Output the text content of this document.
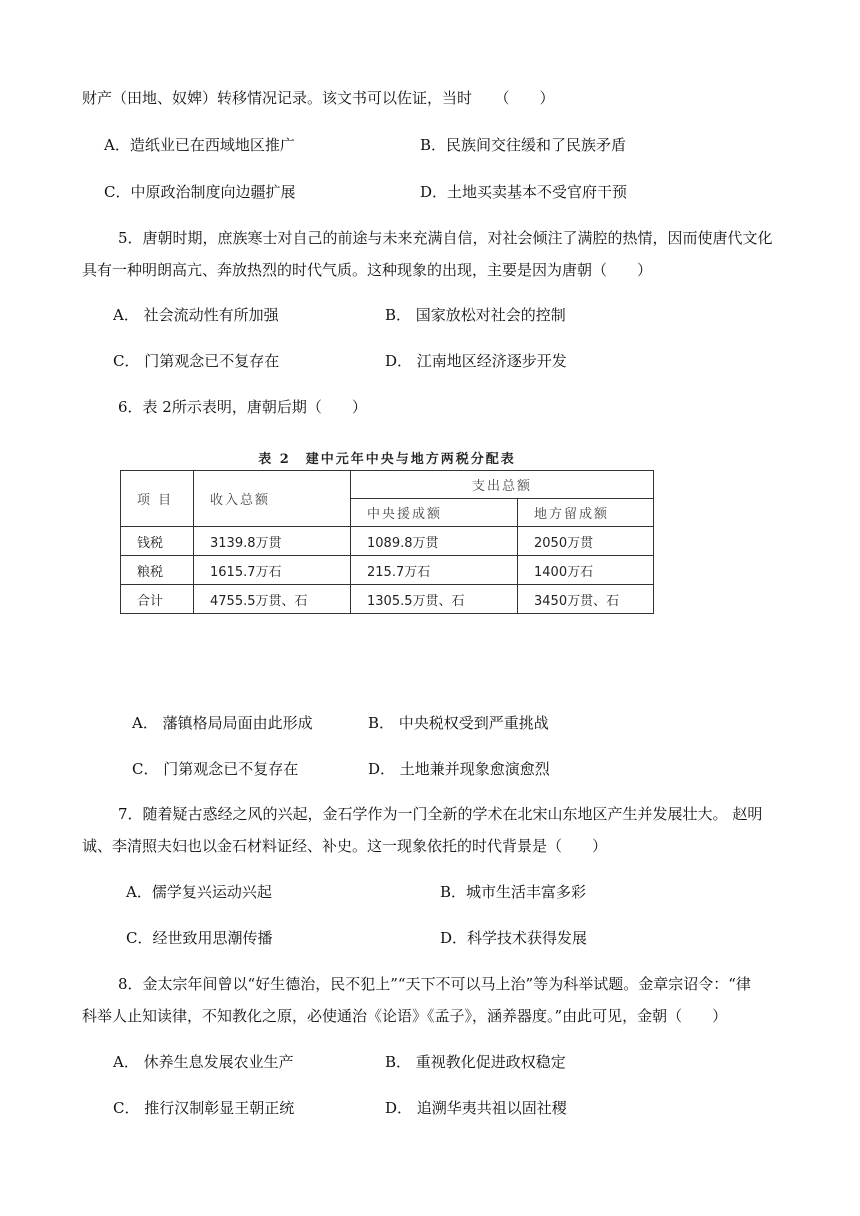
财产（田地、奴婢）转移情况记录。该文书可以佐证，当时　　（　　）
A．造纸业已在西域地区推广	B．民族间交往缓和了民族矛盾
C．中原政治制度向边疆扩展	D．土地买卖基本不受官府干预
5．唐朝时期，庶族寒士对自己的前途与未来充满自信，对社会倾注了满腔的热情，因而使唐代文化
具有一种明朗高亢、奔放热烈的时代气质。这种现象的出现，主要是因为唐朝（　　）
A． 社会流动性有所加强	B． 国家放松对社会的控制
C． 门第观念已不复存在	D． 江南地区经济逐步开发
6．表 2所示表明，唐朝后期（　　）
表 2　建中元年中央与地方两税分配表
项 目	收入总额	支出总额	
		中央援成额	地方留成额
钱税	3139.8万贯	1089.8万贯	2050万贯
粮税	1615.7万石	215.7万石	1400万石
合计	4755.5万贯、石	1305.5万贯、石	3450万贯、石
A． 藩镇格局局面由此形成	B． 中央税权受到严重挑战
C． 门第观念已不复存在	D． 土地兼并现象愈演愈烈
7．随着疑古惑经之风的兴起，金石学作为一门全新的学术在北宋山东地区产生并发展壮大。 赵明
诚、李清照夫妇也以金石材料证经、补史。这一现象依托的时代背景是（　　）
A．儒学复兴运动兴起	B．城市生活丰富多彩
C．经世致用思潮传播	D．科学技术获得发展
8．金太宗年间曾以“好生德治，民不犯上”“天下不可以马上治”等为科举试题。金章宗诏令：“律
科举人止知读律，不知教化之原，必使通治《论语》《孟子》，涵养器度。”由此可见，金朝（　　）
A． 休养生息发展农业生产	B． 重视教化促进政权稳定
C． 推行汉制彰显王朝正统	D． 追溯华夷共祖以固社稷
